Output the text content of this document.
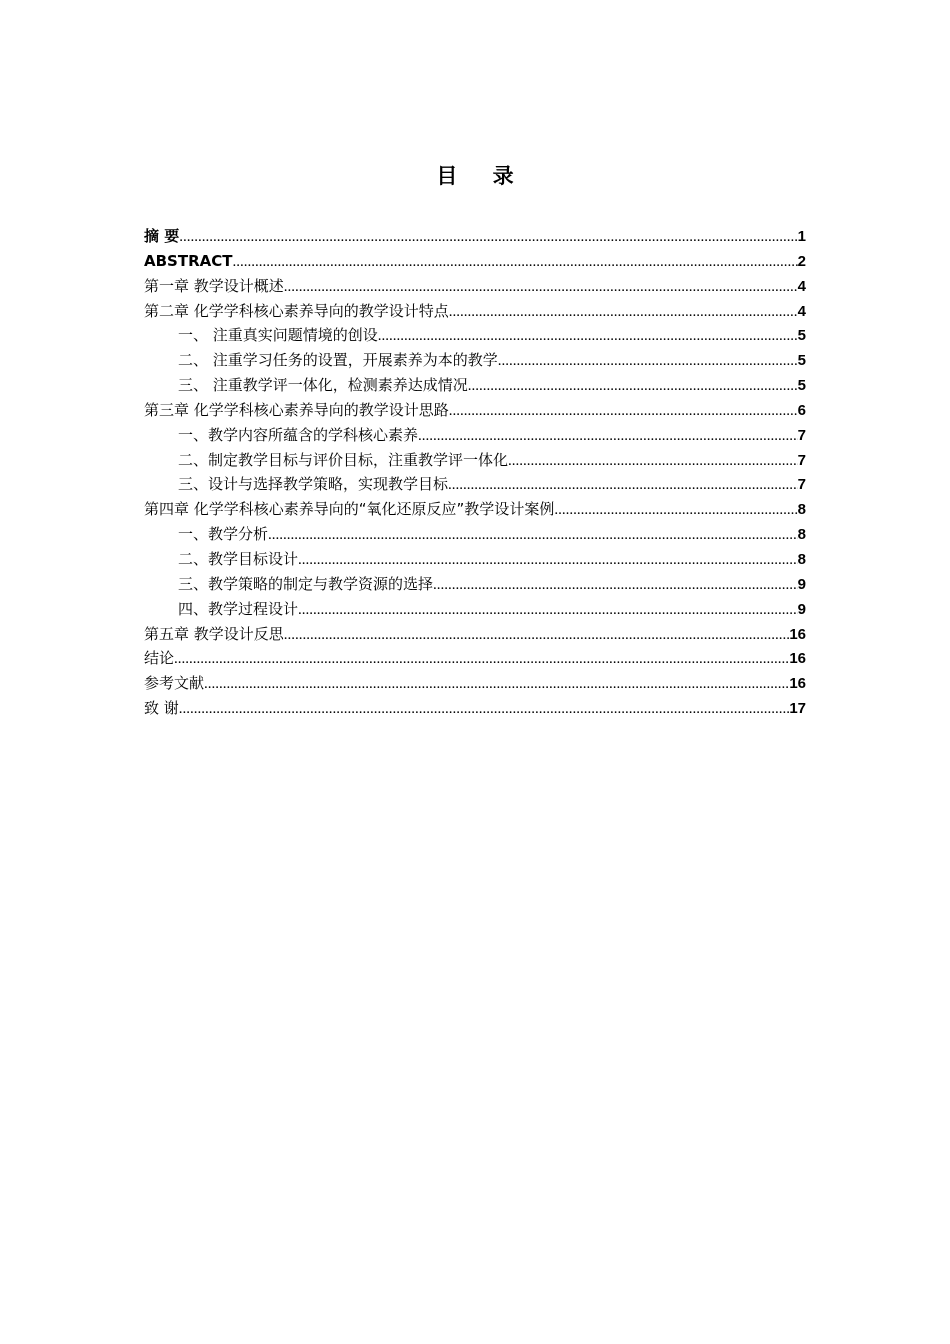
目 录
摘 要 .....	1
ABSTRACT .....	2
第一章 教学设计概述 .....	4
第二章 化学学科核心素养导向的教学设计特点 .....	4
一、 注重真实问题情境的创设 .....	5
二、 注重学习任务的设置，开展素养为本的教学 .....	5
三、 注重教学评一体化，检测素养达成情况 .....	5
第三章 化学学科核心素养导向的教学设计思路 .....	6
一、教学内容所蕴含的学科核心素养 .....	7
二、制定教学目标与评价目标，注重教学评一体化 .....	7
三、设计与选择教学策略，实现教学目标 .....	7
第四章 化学学科核心素养导向的“氧化还原反应”教学设计案例 .....	8
一、教学分析 .....	8
二、教学目标设计 .....	8
三、教学策略的制定与教学资源的选择 .....	9
四、教学过程设计 .....	9
第五章 教学设计反思 .....	16
结论 .....	16
参考文献 .....	16
致 谢 .....	17
